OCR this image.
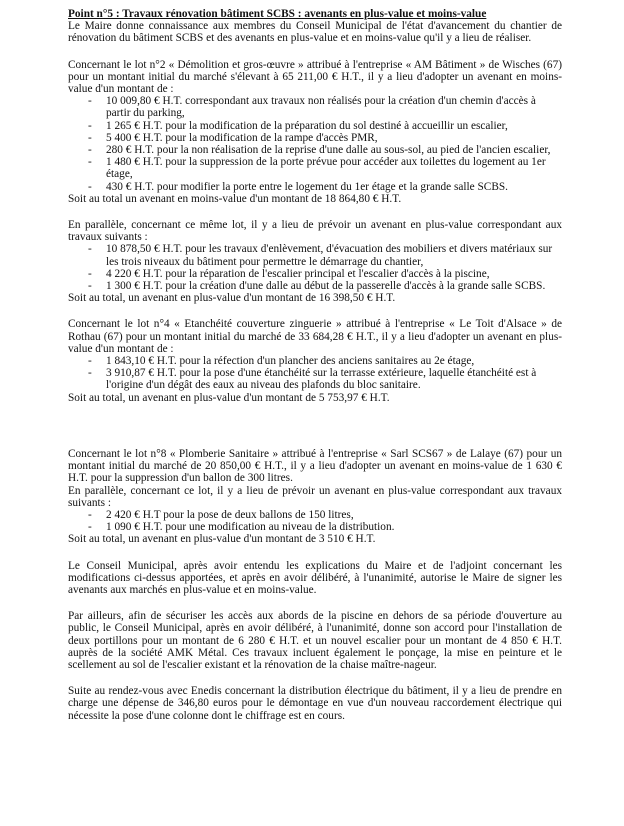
Point n°5 : Travaux rénovation bâtiment SCBS : avenants en plus-value et moins-value

Le Maire donne connaissance aux membres du Conseil Municipal de l'état d'avancement du chantier de rénovation du bâtiment SCBS et des avenants en plus-value et en moins-value qu'il y a lieu de réaliser.

Concernant le lot n°2 « Démolition et gros-œuvre » attribué à l'entreprise « AM Bâtiment » de Wisches (67) pour un montant initial du marché s'élevant à 65 211,00 € H.T., il y a lieu d'adopter un avenant en moins-value d'un montant de :

- 10 009,80 € H.T. correspondant aux travaux non réalisés pour la création d'un chemin d'accès à partir du parking,
- 1 265 € H.T. pour la modification de la préparation du sol destiné à accueillir un escalier,
- 5 400 € H.T. pour la modification de la rampe d'accès PMR,
- 280 € H.T. pour la non réalisation de la reprise d'une dalle au sous-sol, au pied de l'ancien escalier,
- 1 480 € H.T. pour la suppression de la porte prévue pour accéder aux toilettes du logement au 1er étage,
- 430 € H.T. pour modifier la porte entre le logement du 1er étage et la grande salle SCBS.

Soit au total un avenant en moins-value d'un montant de 18 864,80 € H.T.

En parallèle, concernant ce même lot, il y a lieu de prévoir un avenant en plus-value correspondant aux travaux suivants :

- 10 878,50 € H.T. pour les travaux d'enlèvement, d'évacuation des mobiliers et divers matériaux sur les trois niveaux du bâtiment pour permettre le démarrage du chantier,
- 4 220 € H.T. pour la réparation de l'escalier principal et l'escalier d'accès à la piscine,
- 1 300 € H.T. pour la création d'une dalle au début de la passerelle d'accès à la grande salle SCBS.

Soit au total, un avenant en plus-value d'un montant de 16 398,50 € H.T.

Concernant le lot n°4 « Etanchéité couverture zinguerie » attribué à l'entreprise « Le Toit d'Alsace » de Rothau (67) pour un montant initial du marché de 33 684,28 € H.T., il y a lieu d'adopter un avenant en plus-value d'un montant de :

- 1 843,10 € H.T. pour la réfection d'un plancher des anciens sanitaires au 2e étage,
- 3 910,87 € H.T. pour la pose d'une étanchéité sur la terrasse extérieure, laquelle étanchéité est à l'origine d'un dégât des eaux au niveau des plafonds du bloc sanitaire.

Soit au total, un avenant en plus-value d'un montant de 5 753,97 € H.T.

Concernant le lot n°8 « Plomberie Sanitaire » attribué à l'entreprise « Sarl SCS67 » de Lalaye (67) pour un montant initial du marché de 20 850,00 € H.T., il y a lieu d'adopter un avenant en moins-value de 1 630 € H.T. pour la suppression d'un ballon de 300 litres.

En parallèle, concernant ce lot, il y a lieu de prévoir un avenant en plus-value correspondant aux travaux suivants :

- 2 420 € H.T pour la pose de deux ballons de 150 litres,
- 1 090 € H.T. pour une modification au niveau de la distribution.

Soit au total, un avenant en plus-value d'un montant de 3 510 € H.T.

Le Conseil Municipal, après avoir entendu les explications du Maire et de l'adjoint concernant les modifications ci-dessus apportées, et après en avoir délibéré, à l'unanimité, autorise le Maire de signer les avenants aux marchés en plus-value et en moins-value.

Par ailleurs, afin de sécuriser les accès aux abords de la piscine en dehors de sa période d'ouverture au public, le Conseil Municipal, après en avoir délibéré, à l'unanimité, donne son accord pour l'installation de deux portillons pour un montant de 6 280 € H.T. et un nouvel escalier pour un montant de 4 850 € H.T. auprès de la société AMK Métal. Ces travaux incluent également le ponçage, la mise en peinture et le scellement au sol de l'escalier existant et la rénovation de la chaise maître-nageur.

Suite au rendez-vous avec Enedis concernant la distribution électrique du bâtiment, il y a lieu de prendre en charge une dépense de 346,80 euros pour le démontage en vue d'un nouveau raccordement électrique qui nécessite la pose d'une colonne dont le chiffrage est en cours.
